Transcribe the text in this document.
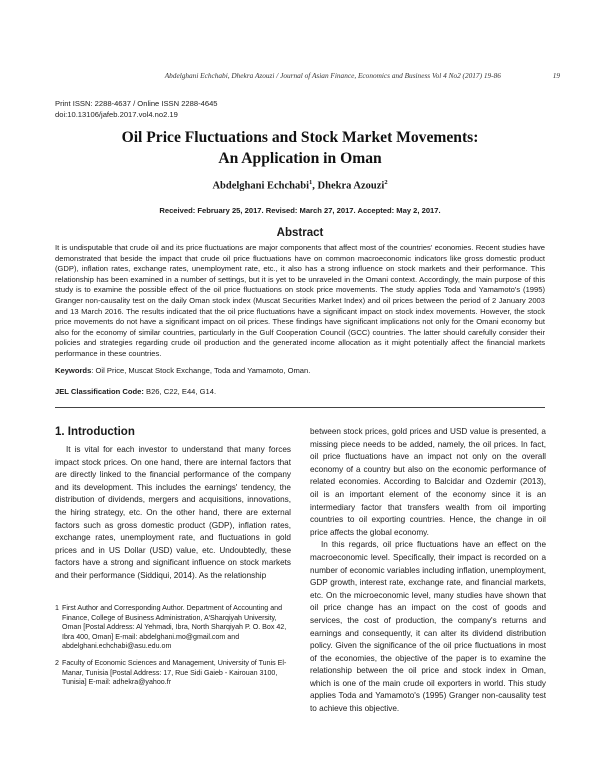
Abdelghani Echchabi, Dhekra Azouzi / Journal of Asian Finance, Economics and Business Vol 4 No2 (2017) 19-86	19
Print ISSN: 2288-4637 / Online ISSN 2288-4645
doi:10.13106/jafeb.2017.vol4.no2.19
Oil Price Fluctuations and Stock Market Movements:
An Application in Oman
Abdelghani Echchabi$^1$, Dhekra Azouzi$^2$
Received: February 25, 2017. Revised: March 27, 2017. Accepted: May 2, 2017.
Abstract
It is undisputable that crude oil and its price fluctuations are major components that affect most of the countries' economies. Recent studies have demonstrated that beside the impact that crude oil price fluctuations have on common macroeconomic indicators like gross domestic product (GDP), inflation rates, exchange rates, unemployment rate, etc., it also has a strong influence on stock markets and their performance. This relationship has been examined in a number of settings, but it is yet to be unraveled in the Omani context. Accordingly, the main purpose of this study is to examine the possible effect of the oil price fluctuations on stock price movements. The study applies Toda and Yamamoto's (1995) Granger non-causality test on the daily Oman stock index (Muscat Securities Market Index) and oil prices between the period of 2 January 2003 and 13 March 2016. The results indicated that the oil price fluctuations have a significant impact on stock index movements. However, the stock price movements do not have a significant impact on oil prices. These findings have significant implications not only for the Omani economy but also for the economy of similar countries, particularly in the Gulf Cooperation Council (GCC) countries. The latter should carefully consider their policies and strategies regarding crude oil production and the generated income allocation as it might potentially affect the financial markets performance in these countries.
Keywords: Oil Price, Muscat Stock Exchange, Toda and Yamamoto, Oman.
JEL Classification Code: B26, C22, E44, G14.
1. Introduction

It is vital for each investor to understand that many forces impact stock prices. On one hand, there are internal factors that are directly linked to the financial performance of the company and its development. This includes the earnings' tendency, the distribution of dividends, mergers and acquisitions, innovations, the hiring strategy, etc. On the other hand, there are external factors such as gross domestic product (GDP), inflation rates, exchange rates, unemployment rate, and fluctuations in gold prices and in US Dollar (USD) value, etc. Undoubtedly, these factors have a strong and significant influence on stock markets and their performance (Siddiqui, 2014). As the relationship

between stock prices, gold prices and USD value is presented, a missing piece needs to be added, namely, the oil prices. In fact, oil price fluctuations have an impact not only on the overall economy of a country but also on the economic performance of related economies. According to Balcidar and Ozdemir (2013), oil is an important element of the economy since it is an intermediary factor that transfers wealth from oil importing countries to oil exporting countries. Hence, the change in oil price affects the global economy.

In this regards, oil price fluctuations have an effect on the macroeconomic level. Specifically, their impact is recorded on a number of economic variables including inflation, unemployment, GDP growth, interest rate, exchange rate, and financial markets, etc. On the microeconomic level, many studies have shown that oil price change has an impact on the cost of goods and services, the cost of production, the company's returns and earnings and consequently, it can alter its dividend distribution policy. Given the significance of the oil price fluctuations in most of the economies, the objective of the paper is to examine the relationship between the oil price and stock index in Oman, which is one of the main crude oil exporters in world. This study applies Toda and Yamamoto's (1995) Granger non-causality test to achieve this objective.

1 First Author and Corresponding Author. Department of Accounting and Finance, College of Business Administration, A'Sharqiyah University, Oman [Postal Address: Al Yehmadi, Ibra, North Sharqiyah P. O. Box 42, Ibra 400, Oman] E-mail: abdelghani.mo@gmail.com and abdelghani.echchabi@asu.edu.om
2 Faculty of Economic Sciences and Management, University of Tunis El-Manar, Tunisia [Postal Address: 17, Rue Sidi Gaieb - Kairouan 3100, Tunisia] E-mail: adhekra@yahoo.fr
